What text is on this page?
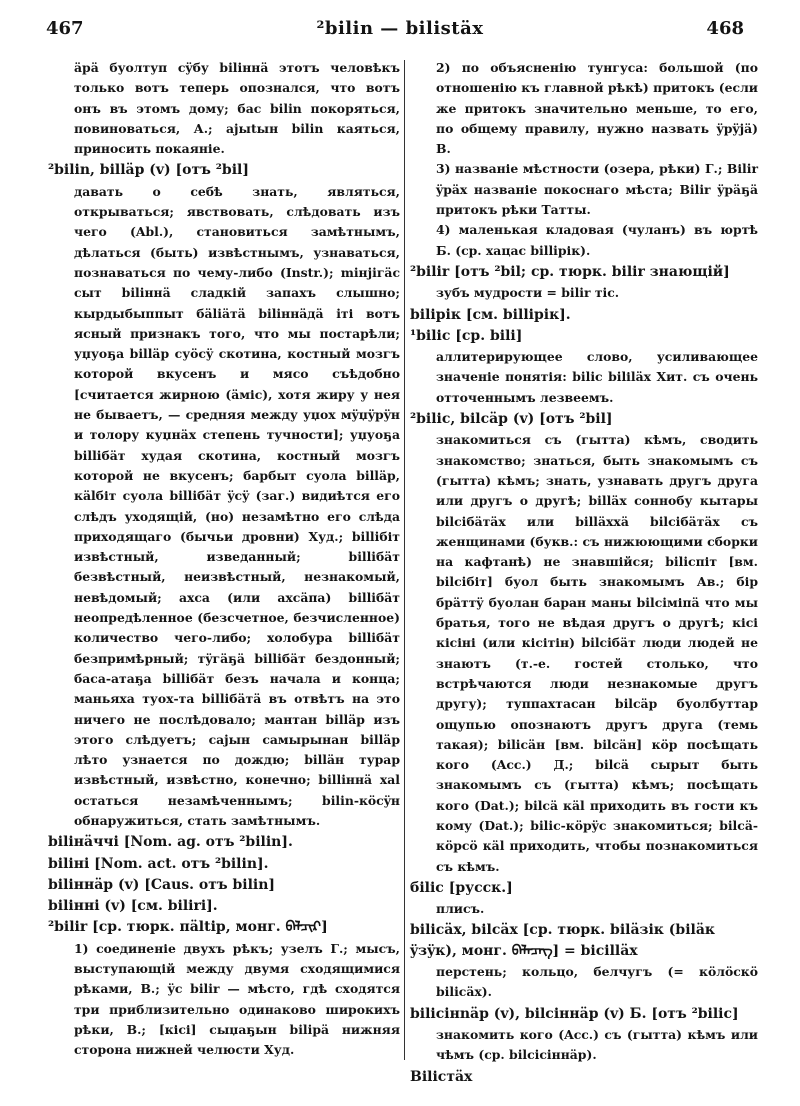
467	²bilin — bilistäx	468
äрä буолтуп сÿбу biliннä этотъ человѣкъ только вотъ теперь опознался, что вотъ онъ въ этомъ дому; бас bilin покоряться, повиноваться, А.; ajыtын bilin каяться, приносить покаяніе.
²bilin, billäр (v) [отъ ²bil]
давать о себѣ знать, являться, открываться; явствовать, слѣдовать изъ чего (Abl.), становиться замѣтнымъ, дѣлаться (быть) извѣстнымъ, узнаваться, познаваться по чему-либо (Instr.); miнjiгäс сыт biliннä сладкій запахъ слышно; кырдыбыппыт бäliäтä biliннäдä iті вотъ ясный признакъ того, что мы постарѣли; уџуоҕа billäр суöсÿ скотина, костный мозгъ которой вкусенъ и мясо съѣдобно [считается жирною (äміс), хотя жиру у нея не бываетъ, — средняя между уџох мÿџÿрÿн и толору куџнäх степень тучности]; уџуоҕа billiбäт худая скотина, костный мозгъ которой не вкусенъ; барбыт суола billäр, кälбіт суола billiбäт ÿсÿ (заг.) видиѣтся его слѣдъ уходящій, (но) незамѣтно его слѣда приходящаго (бычьи дровни) Худ.; billiбіт извѣстный, изведанный; billiбäт безвѣстный, неизвѣстный, незнакомый, невѣдомый; ахса (или ахсäпа) billiбäт неопредѣленное (безсчетное, безчисленное) количество чего-либо; холобура billiбäт безпримѣрный; тÿгäҕä billiбäт бездонный; баса-атаҕа billiбäт безъ начала и конца; маньяха туох-та billiбäтä въ отвѣтъ на это ничего не послѣдовало; мантан billäр изъ этого слѣдуетъ; сajын самырынан billäр лѣто узнается по дождю; billäн турар извѣстный, извѣстно, конечно; billiннä хаl остаться незамѣченнымъ; bilin-кöсÿн обнаружиться, стать замѣтнымъ.
biliнäччі [Nom. ag. отъ ²bilin].
biliні [Nom. act. отъ ²bilin].
biliннäр (v) [Caus. отъ bilin]
biliнні (v) [см. biliri].
²bilir [ср. тюрк. пältір, монг. ‎ᠪᠡᠯᠴᠢᠷ]
1) соединеніе двухъ рѣкъ; узелъ Г.; мысъ, выступающій между двумя сходящимися рѣками, В.; ÿс bilir — мѣсто, гдѣ сходятся три приблизительно одинаково широкихъ рѣки, В.; [кісі] сыџаҕын biliрä нижняя сторона нижней челюсти Худ.
2) по объясненію тунгуса: большой (по отношенію къ главной рѣкѣ) притокъ (если же притокъ значительно меньше, то его, по общему правилу, нужно назвать ÿрÿjä) В.
3) названіе мѣстности (озера, рѣки) Г.; Віlir ÿрäх названіе покоснаго мѣста; Bilir ÿрäҕä притокъ рѣки Татты.
4) маленькая кладовая (чуланъ) въ юртѣ Б. (ср. хацас billiрік).
²bilir [отъ ²bil; ср. тюрк. bilir знающій]
зубъ мудрости = bilir тic.
biliрік [см. billiрік].
¹bilic [ср. bili]
аллитерирующее слово, усиливающее значеніе понятія: bilic bilіläх Хит. съ очень отточеннымъ лезвеемъ.
²bilic, bilcäр (v) [отъ ²bil]
знакомиться съ (гытта) кѣмъ, сводить знакомство; знаться, быть знакомымъ съ (гытта) кѣмъ; знать, узнавать другъ друга или другъ о другѣ; billäх соннобу кытары bilciбäтäх или billäххä bilciбäтäх съ женщинами (букв.: съ нижюющими сборки на кафтанѣ) не знавшійся; biliспіт [вм. bilciбіт] буол быть знакомымъ Ав.; бір бpäттÿ буолан баран маны bilciміпä что мы братья, того не вѣдая другъ о другѣ; кісі кісіні (или кісітін) bilciбäт люди людей не знаютъ (т.-е. гостей столько, что встрѣчаются люди незнакомые другъ другу); туппахтасан bilcäр буолбуттар ощупью опознаютъ другъ друга (темь такая); bilicäн [вм. bilcäн] кöр посѣщать кого (Acc.) Д.; bilcä сырыт быть знакомымъ съ (гытта) кѣмъ; посѣщать кого (Dat.); bilcä кäl приходить въ гости къ кому (Dat.); bilic-кöрÿс знакомиться; bilcä-кöрсö кäl приходить, чтобы познакомиться съ кѣмъ.
біlic [русск.]
плисъ.
bilicäх, bilcäх [ср. тюрк. biläзік (biläк ÿзÿк), монг. ᠪᠡᠯᠡᠴᠡᠭ] = bicilläх
перстень; кольцо, белчугъ (= кöлöскö bilicäх).
bilicінnäр (v), bilciннäр (v) Б. [отъ ²bilic]
знакомить кого (Acc.) съ (гытта) кѣмъ или чѣмъ (ср. bilciсiннäр).
Bilicтäх
